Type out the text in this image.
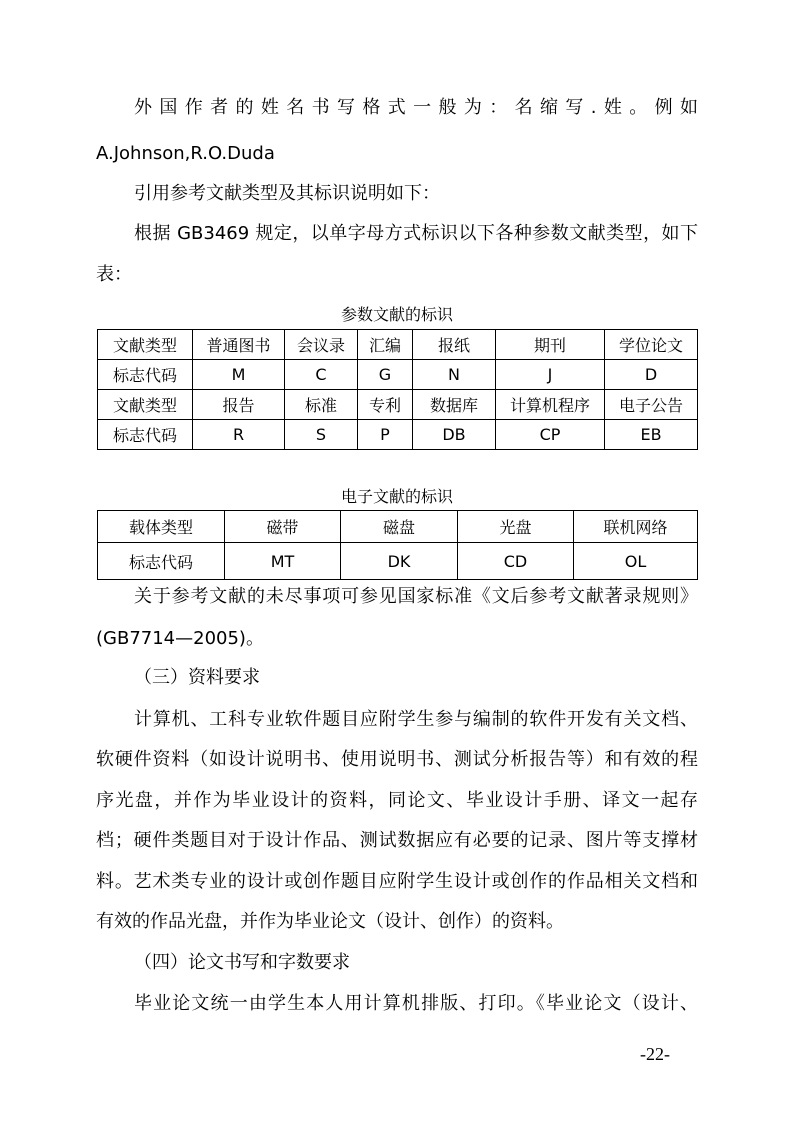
外国作者的姓名书写格式一般为：名缩写.姓。例如
A.Johnson,R.O.Duda
引用参考文献类型及其标识说明如下：
根据 GB3469 规定，以单字母方式标识以下各种参数文献类型，如下
表：
参数文献的标识
文献类型	普通图书	会议录	汇编	报纸	期刊	学位论文
标志代码	M	C	G	N	J	D
文献类型	报告	标准	专利	数据库	计算机程序	电子公告
标志代码	R	S	P	DB	CP	EB
电子文献的标识
载体类型	磁带	磁盘	光盘	联机网络
标志代码	MT	DK	CD	OL
关于参考文献的未尽事项可参见国家标准《文后参考文献著录规则》
(GB7714—2005)。
（三）资料要求
计算机、工科专业软件题目应附学生参与编制的软件开发有关文档、
软硬件资料（如设计说明书、使用说明书、测试分析报告等）和有效的程
序光盘，并作为毕业设计的资料，同论文、毕业设计手册、译文一起存
档；硬件类题目对于设计作品、测试数据应有必要的记录、图片等支撑材
料。艺术类专业的设计或创作题目应附学生设计或创作的作品相关文档和
有效的作品光盘，并作为毕业论文（设计、创作）的资料。
（四）论文书写和字数要求
毕业论文统一由学生本人用计算机排版、打印。《毕业论文（设计、
-22-
